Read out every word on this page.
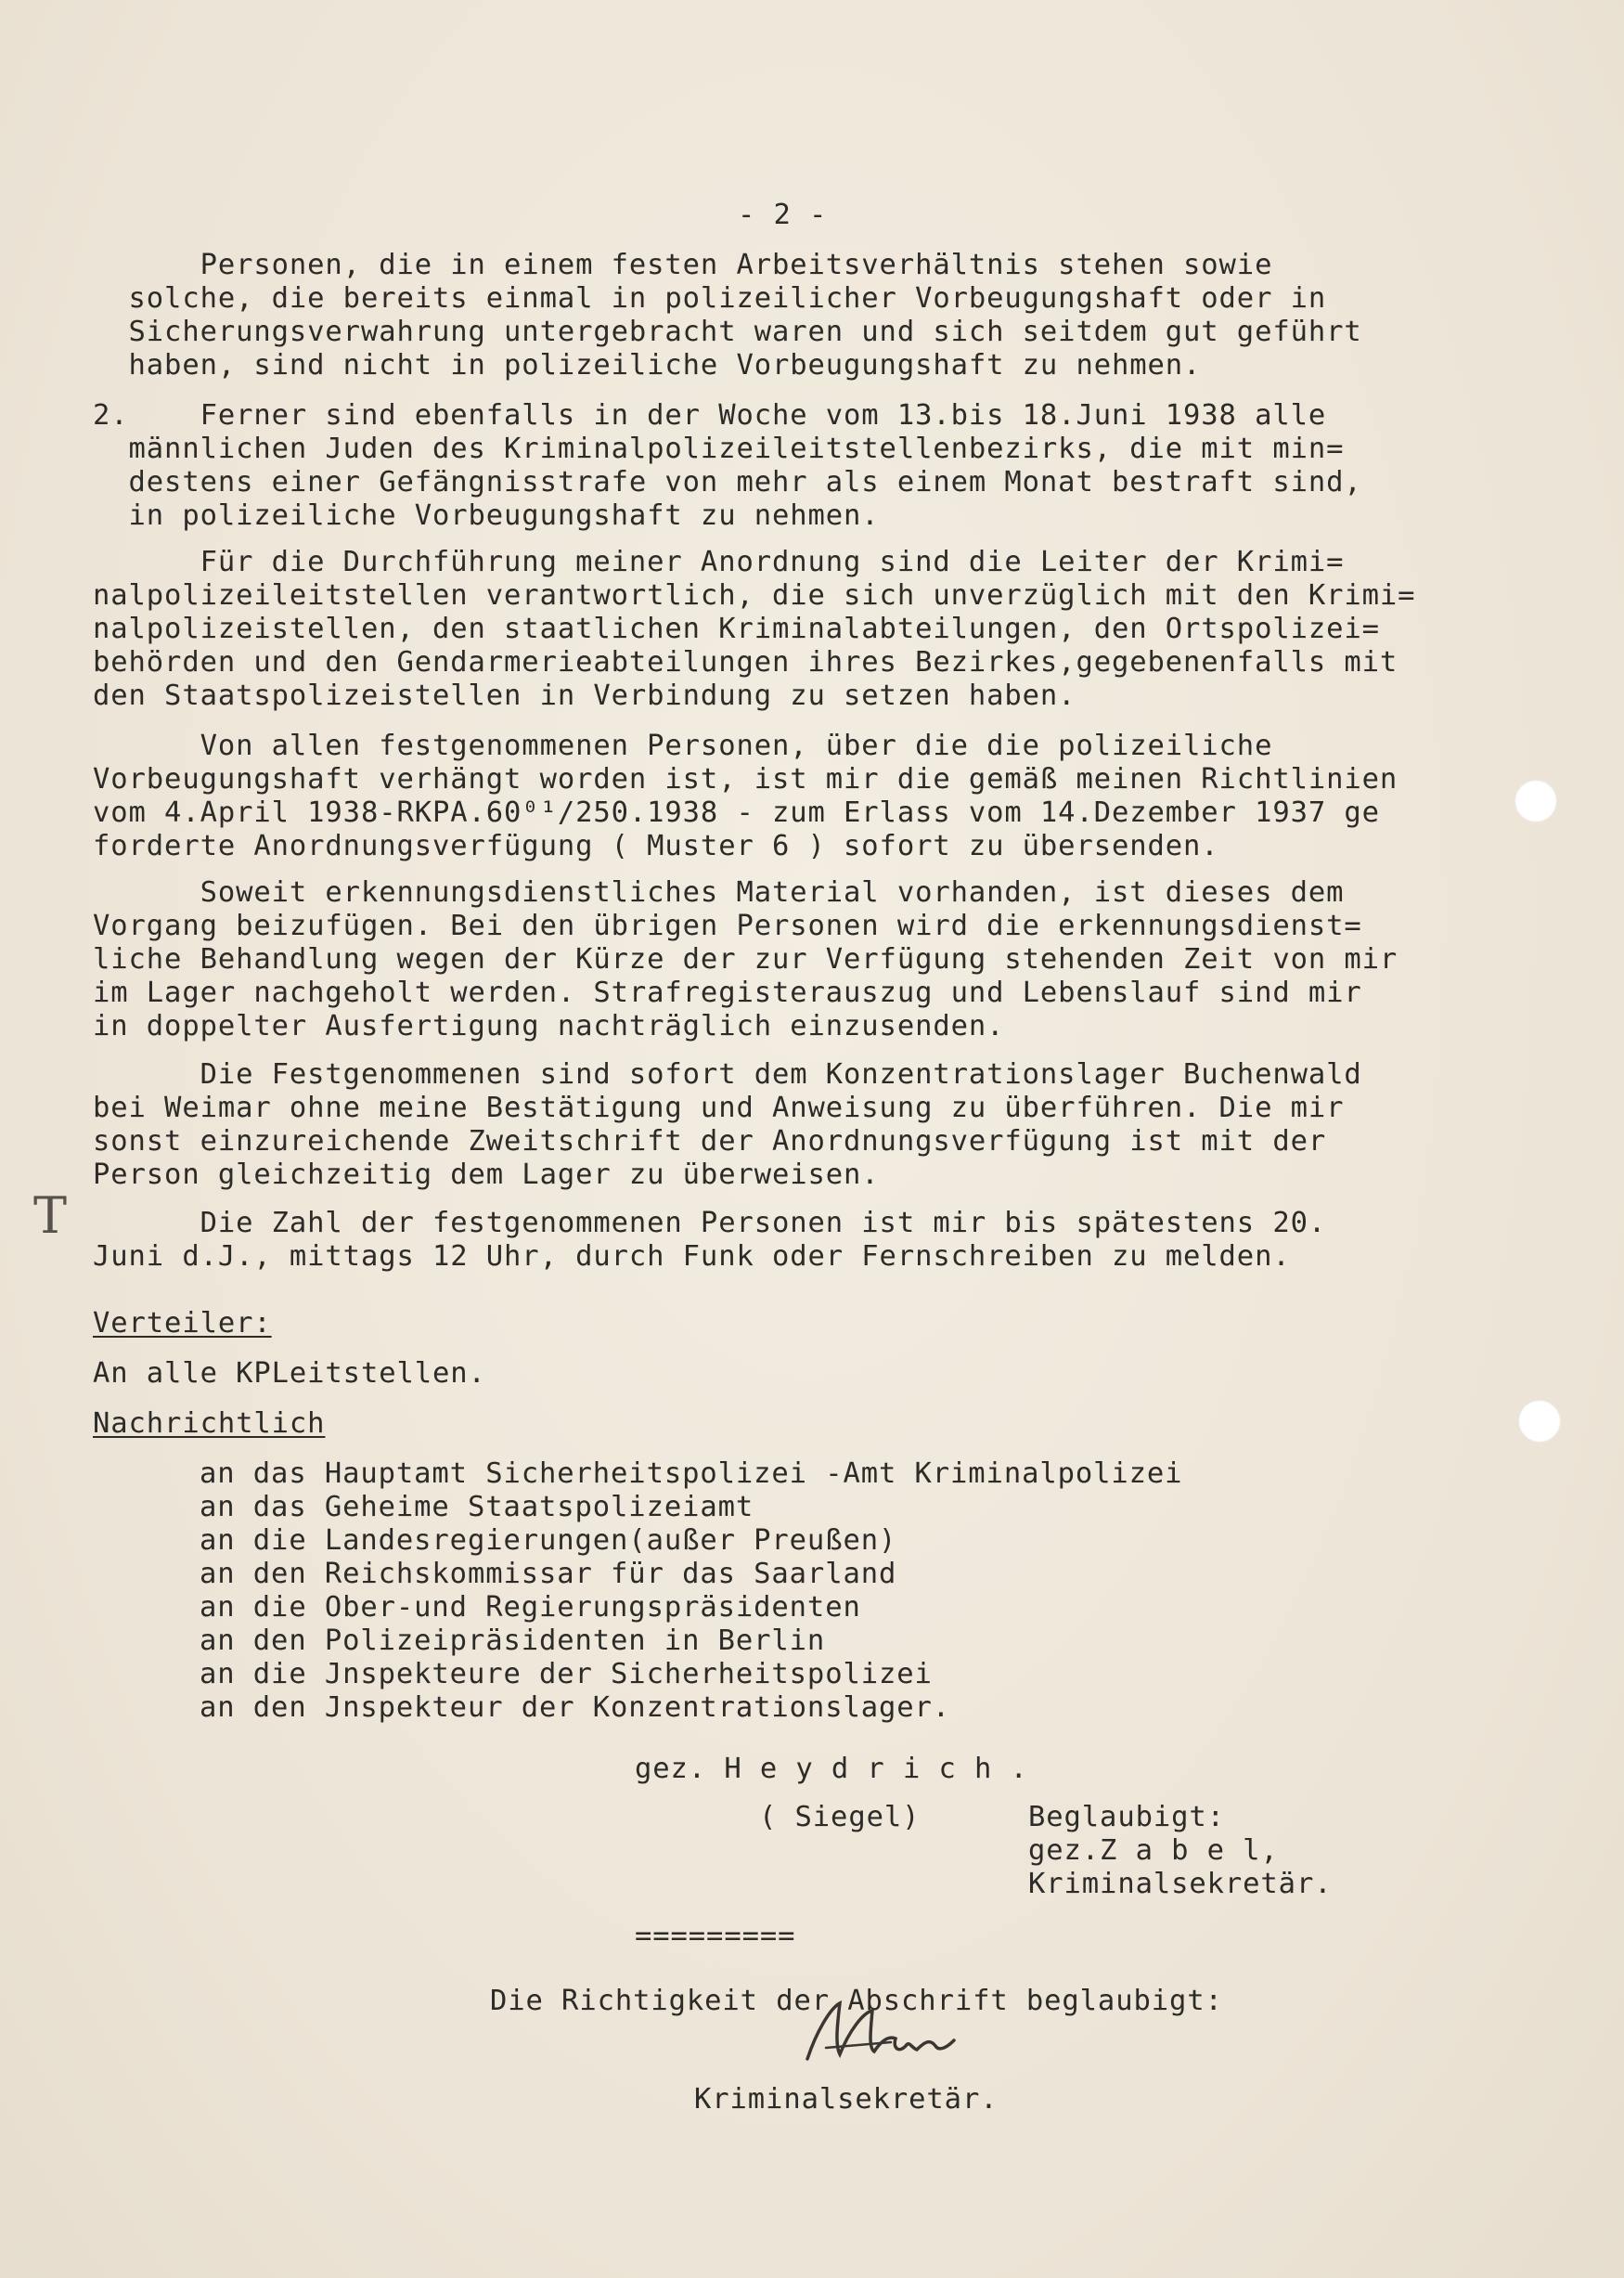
- 2 -
Personen, die in einem festen Arbeitsverhältnis stehen sowie
solche, die bereits einmal in polizeilicher Vorbeugungshaft oder in
Sicherungsverwahrung untergebracht waren und sich seitdem gut geführt
haben, sind nicht in polizeiliche Vorbeugungshaft zu nehmen.
2.    Ferner sind ebenfalls in der Woche vom 13.bis 18.Juni 1938 alle
männlichen Juden des Kriminalpolizeileitstellenbezirks, die mit min=
destens einer Gefängnisstrafe von mehr als einem Monat bestraft sind,
in polizeiliche Vorbeugungshaft zu nehmen.
Für die Durchführung meiner Anordnung sind die Leiter der Krimi=
nalpolizeileitstellen verantwortlich, die sich unverzüglich mit den Krimi=
nalpolizeistellen, den staatlichen Kriminalabteilungen, den Ortspolizei=
behörden und den Gendarmerieabteilungen ihres Bezirkes,gegebenenfalls mit
den Staatspolizeistellen in Verbindung zu setzen haben.
Von allen festgenommenen Personen, über die die polizeiliche
Vorbeugungshaft verhängt worden ist, ist mir die gemäß meinen Richtlinien
vom 4.April 1938-RKPA.60⁰¹/250.1938 - zum Erlass vom 14.Dezember 1937 ge
forderte Anordnungsverfügung ( Muster 6 ) sofort zu übersenden.
Soweit erkennungsdienstliches Material vorhanden, ist dieses dem
Vorgang beizufügen. Bei den übrigen Personen wird die erkennungsdienst=
liche Behandlung wegen der Kürze der zur Verfügung stehenden Zeit von mir
im Lager nachgeholt werden. Strafregisterauszug und Lebenslauf sind mir
in doppelter Ausfertigung nachträglich einzusenden.
Die Festgenommenen sind sofort dem Konzentrationslager Buchenwald
bei Weimar ohne meine Bestätigung und Anweisung zu überführen. Die mir
sonst einzureichende Zweitschrift der Anordnungsverfügung ist mit der
Person gleichzeitig dem Lager zu überweisen.
Die Zahl der festgenommenen Personen ist mir bis spätestens 20.
Juni d.J., mittags 12 Uhr, durch Funk oder Fernschreiben zu melden.
Verteiler:
An alle KPLeitstellen.
Nachrichtlich
an das Hauptamt Sicherheitspolizei -Amt Kriminalpolizei
an das Geheime Staatspolizeiamt
an die Landesregierungen(außer Preußen)
an den Reichskommissar für das Saarland
an die Ober-und Regierungspräsidenten
an den Polizeipräsidenten in Berlin
an die Jnspekteure der Sicherheitspolizei
an den Jnspekteur der Konzentrationslager.
gez. H e y d r i c h .
( Siegel)	Beglaubigt:
gez.Z a b e l,
Kriminalsekretär.
=========
Die Richtigkeit der Abschrift beglaubigt:
Kriminalsekretär.
T
